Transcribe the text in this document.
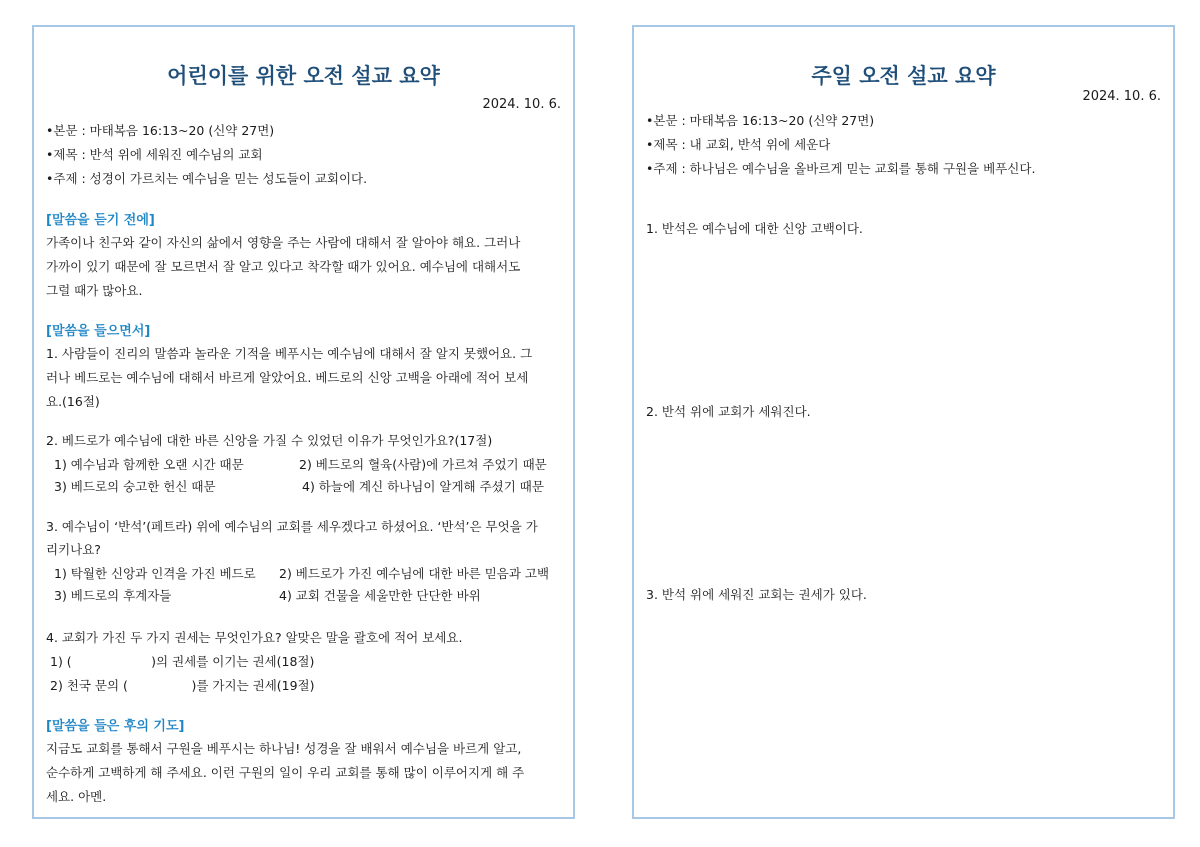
어린이를 위한 오전 설교 요약
2024. 10. 6.
•본문 : 마태복음 16:13~20 (신약 27면)
•제목 : 반석 위에 세워진 예수님의 교회
•주제 : 성경이 가르치는 예수님을 믿는 성도들이 교회이다.
[말씀을 듣기 전에]
가족이나 친구와 같이 자신의 삶에서 영향을 주는 사람에 대해서 잘 알아야 해요. 그러나
가까이 있기 때문에 잘 모르면서 잘 알고 있다고 착각할 때가 있어요. 예수님에 대해서도
그럴 때가 많아요.
[말씀을 들으면서]
1. 사람들이 진리의 말씀과 놀라운 기적을 베푸시는 예수님에 대해서 잘 알지 못했어요. 그
러나 베드로는 예수님에 대해서 바르게 알았어요. 베드로의 신앙 고백을 아래에 적어 보세
요.(16절)
2. 베드로가 예수님에 대한 바른 신앙을 가질 수 있었던 이유가 무엇인가요?(17절)
1) 예수님과 함께한 오랜 시간 때문	2) 베드로의 혈육(사람)에 가르쳐 주었기 때문
3) 베드로의 숭고한 헌신 때문	4) 하늘에 계신 하나님이 알게해 주셨기 때문
3. 예수님이 ‘반석’(페트라) 위에 예수님의 교회를 세우겠다고 하셨어요. ‘반석’은 무엇을 가
리키나요?
1) 탁월한 신앙과 인격을 가진 베드로 2) 베드로가 가진 예수님에 대한 바른 믿음과 고백
3) 베드로의 후계자들	4) 교회 건물을 세울만한 단단한 바위
4. 교회가 가진 두 가지 권세는 무엇인가요? 알맞은 말을 괄호에 적어 보세요.
1) (                    )의 권세를 이기는 권세(18절)
2) 천국 문의 (                )를 가지는 권세(19절)
[말씀을 들은 후의 기도]
지금도 교회를 통해서 구원을 베푸시는 하나님! 성경을 잘 배워서 예수님을 바르게 알고,
순수하게 고백하게 해 주세요. 이런 구원의 일이 우리 교회를 통해 많이 이루어지게 해 주
세요. 아멘.
주일 오전 설교 요약
2024. 10. 6.
•본문 : 마태복음 16:13~20 (신약 27면)
•제목 : 내 교회, 반석 위에 세운다
•주제 : 하나님은 예수님을 올바르게 믿는 교회를 통해 구원을 베푸신다.
1. 반석은 예수님에 대한 신앙 고백이다.
2. 반석 위에 교회가 세워진다.
3. 반석 위에 세워진 교회는 권세가 있다.
